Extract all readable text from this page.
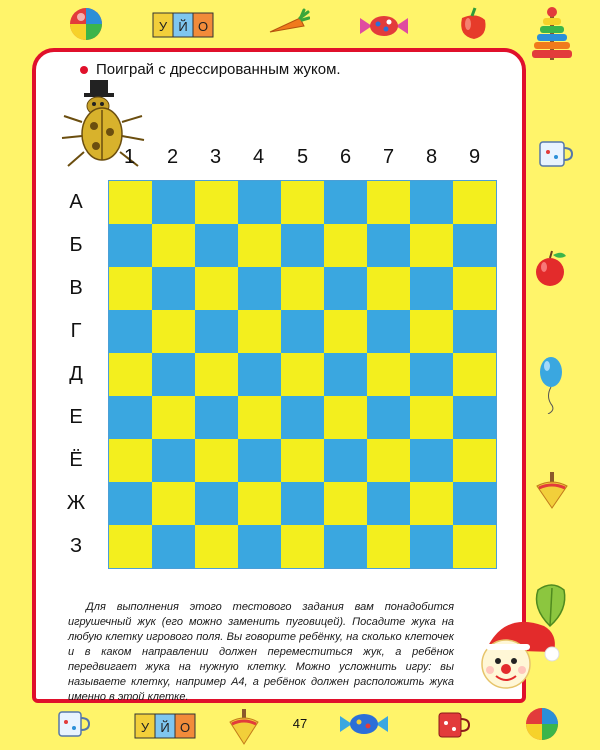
У Й О
Поиграй с дрессированным жуком.
1	2	3	4	5	6	7	8	9
А
Б
В
Г
Д
Е
Ё
Ж
З
Для выполнения этого тестового задания вам понадобится игрушечный жук (его можно заменить пуговицей). Посадите жука на любую клетку игрового поля. Вы говорите ребёнку, на сколько клеточек и в каком направлении должен переместиться жук, а ребёнок передвигает жука на нужную клетку. Можно усложнить игру: вы называете клетку, например А4, а ребёнок должен расположить жука именно в этой клетке.
У Й О	47
